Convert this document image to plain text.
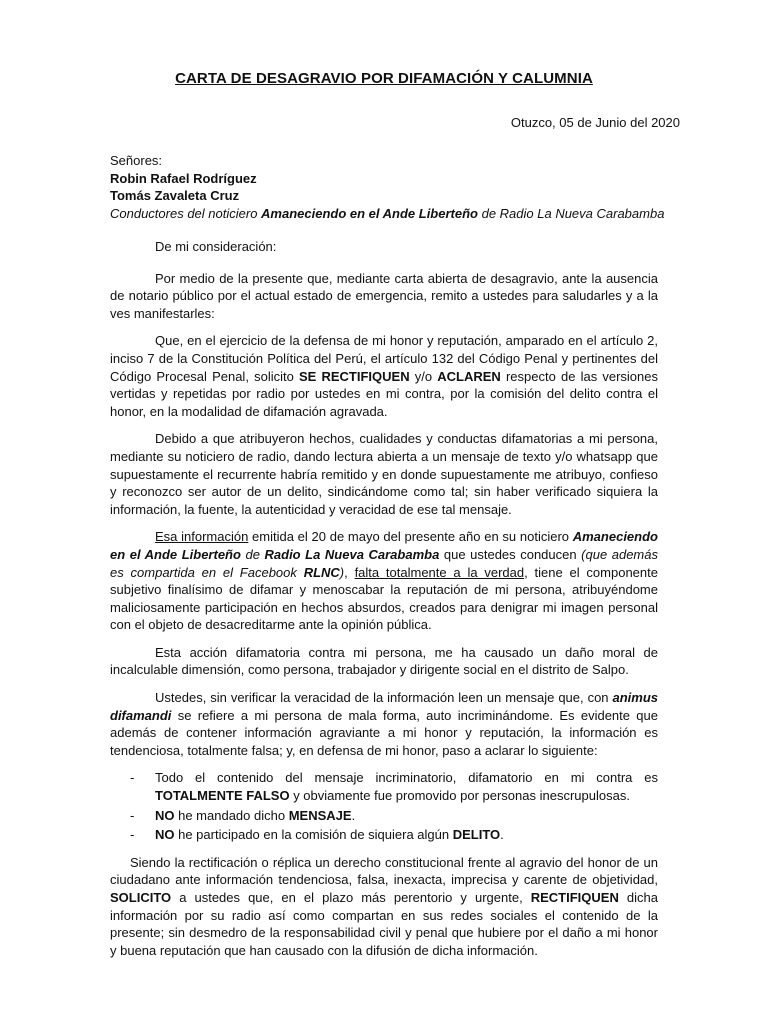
CARTA DE DESAGRAVIO POR DIFAMACIÓN Y CALUMNIA
Otuzco, 05 de Junio del 2020
Señores:
Robin Rafael Rodríguez
Tomás Zavaleta Cruz
Conductores del noticiero Amaneciendo en el Ande Liberteño de Radio La Nueva Carabamba
De mi consideración:
Por medio de la presente que, mediante carta abierta de desagravio, ante la ausencia de notario público por el actual estado de emergencia, remito a ustedes para saludarles y a la ves manifestarles:
Que, en el ejercicio de la defensa de mi honor y reputación, amparado en el artículo 2, inciso 7 de la Constitución Política del Perú, el artículo 132 del Código Penal y pertinentes del Código Procesal Penal, solicito SE RECTIFIQUEN y/o ACLAREN respecto de las versiones vertidas y repetidas por radio por ustedes en mi contra, por la comisión del delito contra el honor, en la modalidad de difamación agravada.
Debido a que atribuyeron hechos, cualidades y conductas difamatorias a mi persona, mediante su noticiero de radio, dando lectura abierta a un mensaje de texto y/o whatsapp que supuestamente el recurrente habría remitido y en donde supuestamente me atribuyo, confieso y reconozco ser autor de un delito, sindicándome como tal; sin haber verificado siquiera la información, la fuente, la autenticidad y veracidad de ese tal mensaje.
Esa información emitida el 20 de mayo del presente año en su noticiero Amaneciendo en el Ande Liberteño de Radio La Nueva Carabamba que ustedes conducen (que además es compartida en el Facebook RLNC), falta totalmente a la verdad, tiene el componente subjetivo finalísimo de difamar y menoscabar la reputación de mi persona, atribuyéndome maliciosamente participación en hechos absurdos, creados para denigrar mi imagen personal con el objeto de desacreditarme ante la opinión pública.
Esta acción difamatoria contra mi persona, me ha causado un daño moral de incalculable dimensión, como persona, trabajador y dirigente social en el distrito de Salpo.
Ustedes, sin verificar la veracidad de la información leen un mensaje que, con animus difamandi se refiere a mi persona de mala forma, auto incriminándome. Es evidente que además de contener información agraviante a mi honor y reputación, la información es tendenciosa, totalmente falsa; y, en defensa de mi honor, paso a aclarar lo siguiente:
- Todo el contenido del mensaje incriminatorio, difamatorio en mi contra es TOTALMENTE FALSO y obviamente fue promovido por personas inescrupulosas.
- NO he mandado dicho MENSAJE.
- NO he participado en la comisión de siquiera algún DELITO.
Siendo la rectificación o réplica un derecho constitucional frente al agravio del honor de un ciudadano ante información tendenciosa, falsa, inexacta, imprecisa y carente de objetividad, SOLICITO a ustedes que, en el plazo más perentorio y urgente, RECTIFIQUEN dicha información por su radio así como compartan en sus redes sociales el contenido de la presente; sin desmedro de la responsabilidad civil y penal que hubiere por el daño a mi honor y buena reputación que han causado con la difusión de dicha información.
